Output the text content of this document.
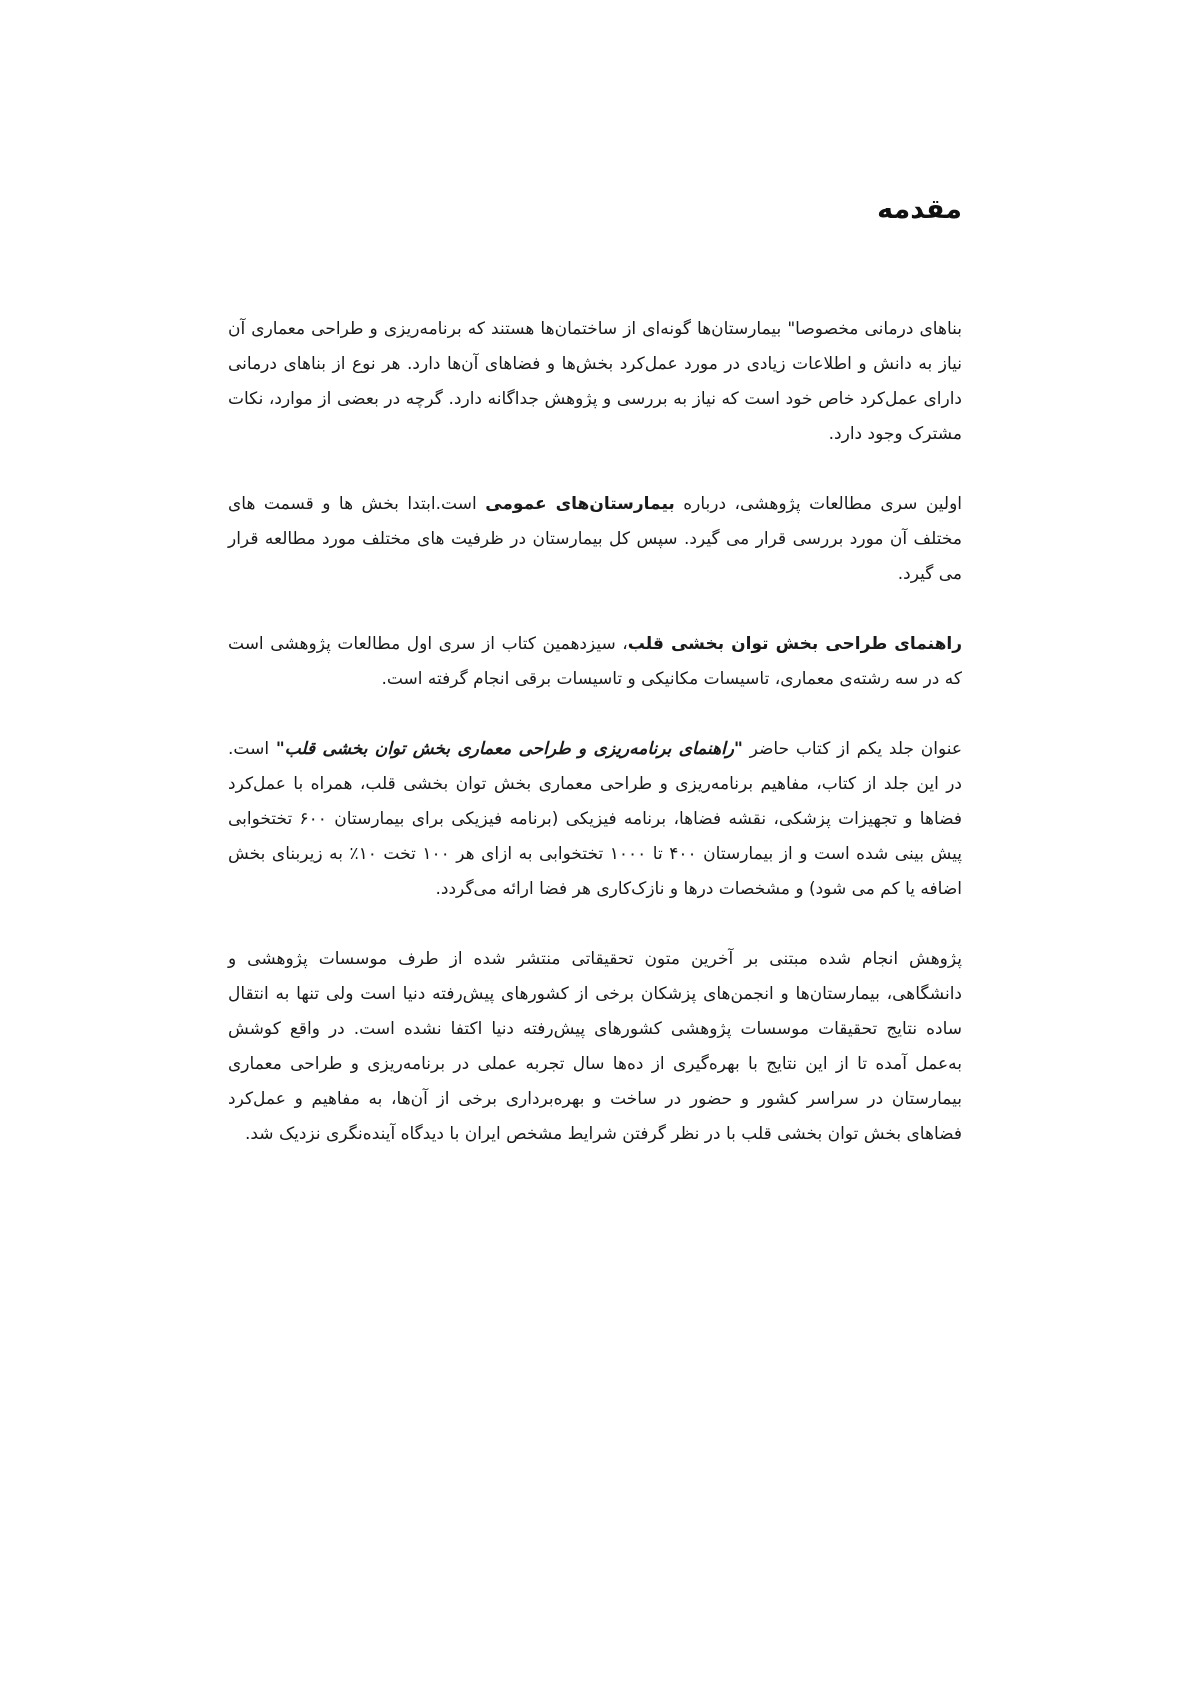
مقدمه

بناهای درمانی مخصوصا" بیمارستان‌ها گونه‌ای از ساختمان‌ها هستند که برنامه‌ریزی و طراحی معماری آن نیاز به دانش و اطلاعات زیادی در مورد عمل‌کرد بخش‌ها و فضاهای آن‌ها دارد. هر نوع از بناهای درمانی دارای عمل‌کرد خاص خود است که نیاز به بررسی و پژوهش جداگانه دارد. گرچه در بعضی از موارد، نکات مشترک وجود دارد.

اولین سری مطالعات پژوهشی، درباره بیمارستان‌های عمومی است.ابتدا بخش ها و قسمت های مختلف آن مورد بررسی قرار می گیرد. سپس کل بیمارستان در ظرفیت های مختلف مورد مطالعه قرار می گیرد.

راهنمای طراحی بخش توان بخشی قلب، سیزدهمین کتاب از سری اول مطالعات پژوهشی است که در سه رشته‌ی معماری، تاسیسات مکانیکی و تاسیسات برقی انجام گرفته است.

عنوان جلد یکم از کتاب حاضر "راهنمای برنامه‌ریزی و طراحی معماری بخش توان بخشی قلب" است. در این جلد از کتاب، مفاهیم برنامه‌ریزی و طراحی معماری بخش توان بخشی قلب، همراه با عمل‌کرد فضاها و تجهیزات پزشکی، نقشه فضاها، برنامه فیزیکی (برنامه فیزیکی برای بیمارستان ۶۰۰ تختخوابی پیش بینی شده است و از بیمارستان ۴۰۰ تا ۱۰۰۰ تختخوابی به ازای هر ۱۰۰ تخت ۱۰٪ به زیربنای بخش اضافه یا کم می شود) و مشخصات درها و نازک‌کاری هر فضا ارائه می‌گردد.

پژوهش انجام شده مبتنی بر آخرین متون تحقیقاتی منتشر شده از طرف موسسات پژوهشی و دانشگاهی، بیمارستان‌ها و انجمن‌های پزشکان برخی از کشورهای پیش‌رفته دنیا است ولی تنها به انتقال ساده نتایج تحقیقات موسسات پژوهشی کشورهای پیش‌رفته دنیا اکتفا نشده است. در واقع کوشش به‌عمل آمده تا از این نتایج با بهره‌گیری از ده‌ها سال تجربه عملی در برنامه‌ریزی و طراحی معماری بیمارستان در سراسر کشور و حضور در ساخت و بهره‌برداری برخی از آن‌ها، به مفاهیم و عمل‌کرد فضاهای بخش توان بخشی قلب با در نظر گرفتن شرایط مشخص ایران با دیدگاه آینده‌نگری نزدیک شد.
